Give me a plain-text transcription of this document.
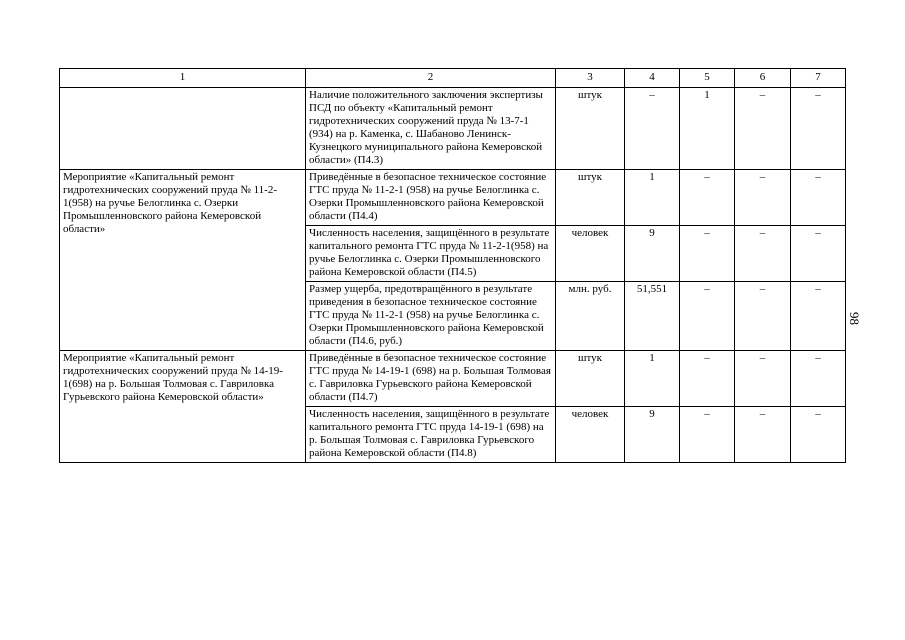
1	2	3	4	5	6	7
	Наличие положительного заключения экспертизы ПСД по объекту «Капитальный ремонт гидротехнических сооружений пруда № 13-7-1 (934) на р. Каменка, с. Шабаново Ленинск-Кузнецкого муниципального района Кемеровской области» (П4.3)	штук	–	1	–	–
Мероприятие «Капитальный ремонт гидротехнических сооружений пруда № 11-2-1(958) на ручье Белоглинка с. Озерки Промышленновского района Кемеровской области»	Приведённые в безопасное техническое состояние ГТС пруда № 11-2-1 (958) на ручье Белоглинка с. Озерки Промышленновского района Кемеровской области (П4.4)	штук	1	–	–	–
	Численность населения, защищённого в результате капитального ремонта ГТС пруда № 11-2-1(958) на ручье Белоглинка с. Озерки Промышленновского района Кемеровской области (П4.5)	человек	9	–	–	–
	Размер ущерба, предотвращённого в результате приведения в безопасное техническое состояние ГТС пруда № 11-2-1 (958) на ручье Белоглинка с. Озерки Промышленновского района Кемеровской области (П4.6, руб.)	млн. руб.	51,551	–	–	–
Мероприятие «Капитальный ремонт гидротехнических сооружений пруда № 14-19-1(698) на р. Большая Толмовая с. Гавриловка Гурьевского района Кемеровской области»	Приведённые в безопасное техническое состояние ГТС пруда № 14-19-1 (698) на р. Большая Толмовая с. Гавриловка Гурьевского района Кемеровской области (П4.7)	штук	1	–	–	–
	Численность населения, защищённого в результате капитального ремонта ГТС пруда 14-19-1 (698) на р. Большая Толмовая с. Гавриловка Гурьевского района Кемеровской области (П4.8)	человек	9	–	–	–
98
